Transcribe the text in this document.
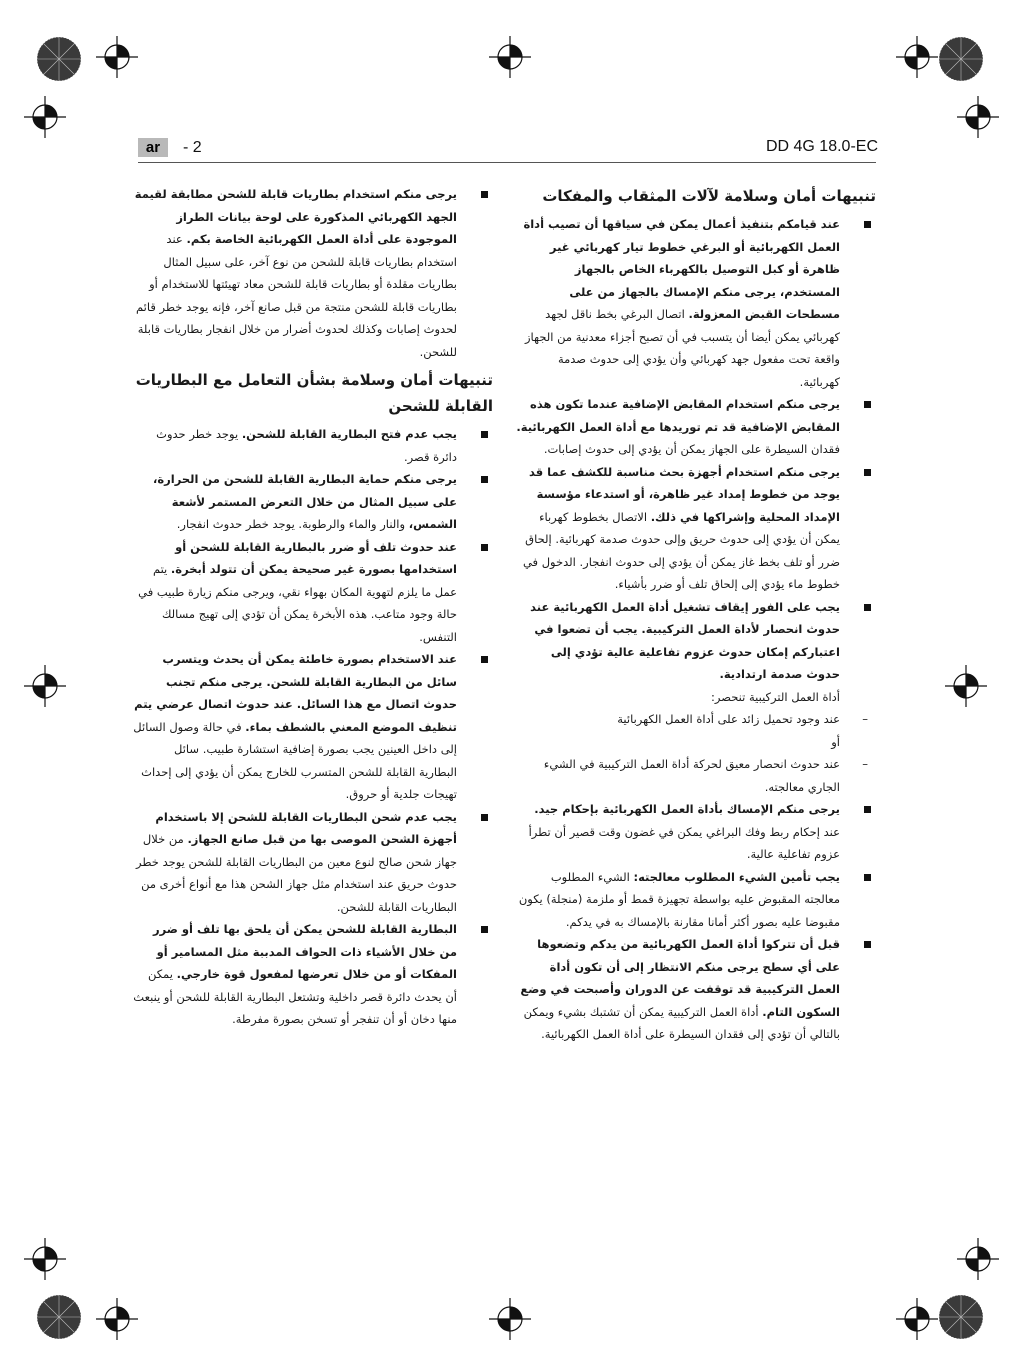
ar	- 2	DD 4G 18.0-EC

تنبيهات أمان وسلامة لآلات المثقاب والمفكات

عند قيامكم بتنفيذ أعمال يمكن في سياقها أن تصيب أداة العمل الكهربائية أو البرغي خطوط تيار كهربائي غير ظاهرة أو كبل التوصيل بالكهرباء الخاص بالجهاز المستخدم، يرجى منكم الإمساك بالجهاز من على مسطحات القبض المعزولة. اتصال البرغي بخط ناقل لجهد كهربائي يمكن أيضا أن يتسبب في أن تصبح أجزاء معدنية من الجهاز واقعة تحت مفعول جهد كهربائي وأن يؤدي إلى حدوث صدمة كهربائية.

يرجى منكم استخدام المقابض الإضافية عندما تكون هذه المقابض الإضافية قد تم توريدها مع أداة العمل الكهربائية. فقدان السيطرة على الجهاز يمكن أن يؤدي إلى حدوث إصابات.

يرجى منكم استخدام أجهزة بحث مناسبة للكشف عما قد يوجد من خطوط إمداد غير ظاهرة، أو استدعاء مؤسسة الإمداد المحلية وإشراكها في ذلك. الاتصال بخطوط كهرباء يمكن أن يؤدي إلى حدوث حريق وإلى حدوث صدمة كهربائية. إلحاق ضرر أو تلف بخط غاز يمكن أن يؤدي إلى حدوث انفجار. الدخول في خطوط ماء يؤدي إلى إلحاق تلف أو ضرر بأشياء.

يجب على الفور إيقاف تشغيل أداة العمل الكهربائية عند حدوث انحصار لأداة العمل التركيبية. يجب أن تضعوا في اعتباركم إمكان حدوث عزوم تفاعلية عالية تؤدي إلى حدوث صدمة ارتدادية.

أداة العمل التركيبية تنحصر:

–
عند وجود تحميل زائد على أداة العمل الكهربائية

أو

–
عند حدوث انحصار معيق لحركة أداة العمل التركيبية في الشيء الجاري معالجته.

يرجى منكم الإمساك بأداة العمل الكهربائية بإحكام جيد. عند إحكام ربط وفك البراغي يمكن في غضون وقت قصير أن تطرأ عزوم تفاعلية عالية.

يجب تأمين الشيء المطلوب معالجته: الشيء المطلوب معالجته المقبوض عليه بواسطة تجهيزة قمط أو ملزمة (منجلة) يكون مقبوضا عليه بصور أكثر أمانا مقارنة بالإمساك به في يدكم.

قبل أن تتركوا أداة العمل الكهربائية من يدكم وتضعوها على أي سطح يرجى منكم الانتظار إلى أن تكون أداة العمل التركيبية قد توقفت عن الدوران وأصبحت في وضع السكون التام. أداة العمل التركيبية يمكن أن تشتبك بشيء ويمكن بالتالي أن تؤدي إلى فقدان السيطرة على أداة العمل الكهربائية.

يرجى منكم استخدام بطاريات قابلة للشحن مطابقة لقيمة الجهد الكهربائي المذكورة على لوحة بيانات الطراز الموجودة على أداة العمل الكهربائية الخاصة بكم. عند استخدام بطاريات قابلة للشحن من نوع آخر، على سبيل المثال بطاريات مقلدة أو بطاريات قابلة للشحن معاد تهيئتها للاستخدام أو بطاريات قابلة للشحن منتجة من قبل صانع آخر، فإنه يوجد خطر قائم لحدوث إصابات وكذلك لحدوث أضرار من خلال انفجار بطاريات قابلة للشحن.

تنبيهات أمان وسلامة بشأن التعامل مع البطاريات القابلة للشحن

يجب عدم فتح البطارية القابلة للشحن. يوجد خطر حدوث دائرة قصر.

يرجى منكم حماية البطارية القابلة للشحن من الحرارة، على سبيل المثال من خلال التعرض المستمر لأشعة الشمس، والنار والماء والرطوبة. يوجد خطر حدوث انفجار.

عند حدوث تلف أو ضرر بالبطارية القابلة للشحن أو استخدامها بصورة غير صحيحة يمكن أن تتولد أبخرة. يتم عمل ما يلزم لتهوية المكان بهواء نقي، ويرجى منكم زيارة طبيب في حالة وجود متاعب. هذه الأبخرة يمكن أن تؤدي إلى تهيج مسالك التنفس.

عند الاستخدام بصورة خاطئة يمكن أن يحدث ويتسرب سائل من البطارية القابلة للشحن. يرجى منكم تجنب حدوث اتصال مع هذا السائل. عند حدوث اتصال عرضي يتم تنظيف الموضع المعني بالشطف بماء. في حالة وصول السائل إلى داخل العينين يجب بصورة إضافية استشارة طبيب. سائل البطارية القابلة للشحن المتسرب للخارج يمكن أن يؤدي إلى إحداث تهيجات جلدية أو حروق.

يجب عدم شحن البطاريات القابلة للشحن إلا باستخدام أجهزة الشحن الموصى بها من قبل صانع الجهاز. من خلال جهاز شحن صالح لنوع معين من البطاريات القابلة للشحن يوجد خطر حدوث حريق عند استخدام مثل جهاز الشحن هذا مع أنواع أخرى من البطاريات القابلة للشحن.

البطارية القابلة للشحن يمكن أن يلحق بها تلف أو ضرر من خلال الأشياء ذات الحواف المدببة مثل المسامير أو المفكات أو من خلال تعرضها لمفعول قوة خارجي. يمكن أن يحدث دائرة قصر داخلية وتشتعل البطارية القابلة للشحن أو ينبعث منها دخان أو أن تنفجر أو تسخن بصورة مفرطة.
